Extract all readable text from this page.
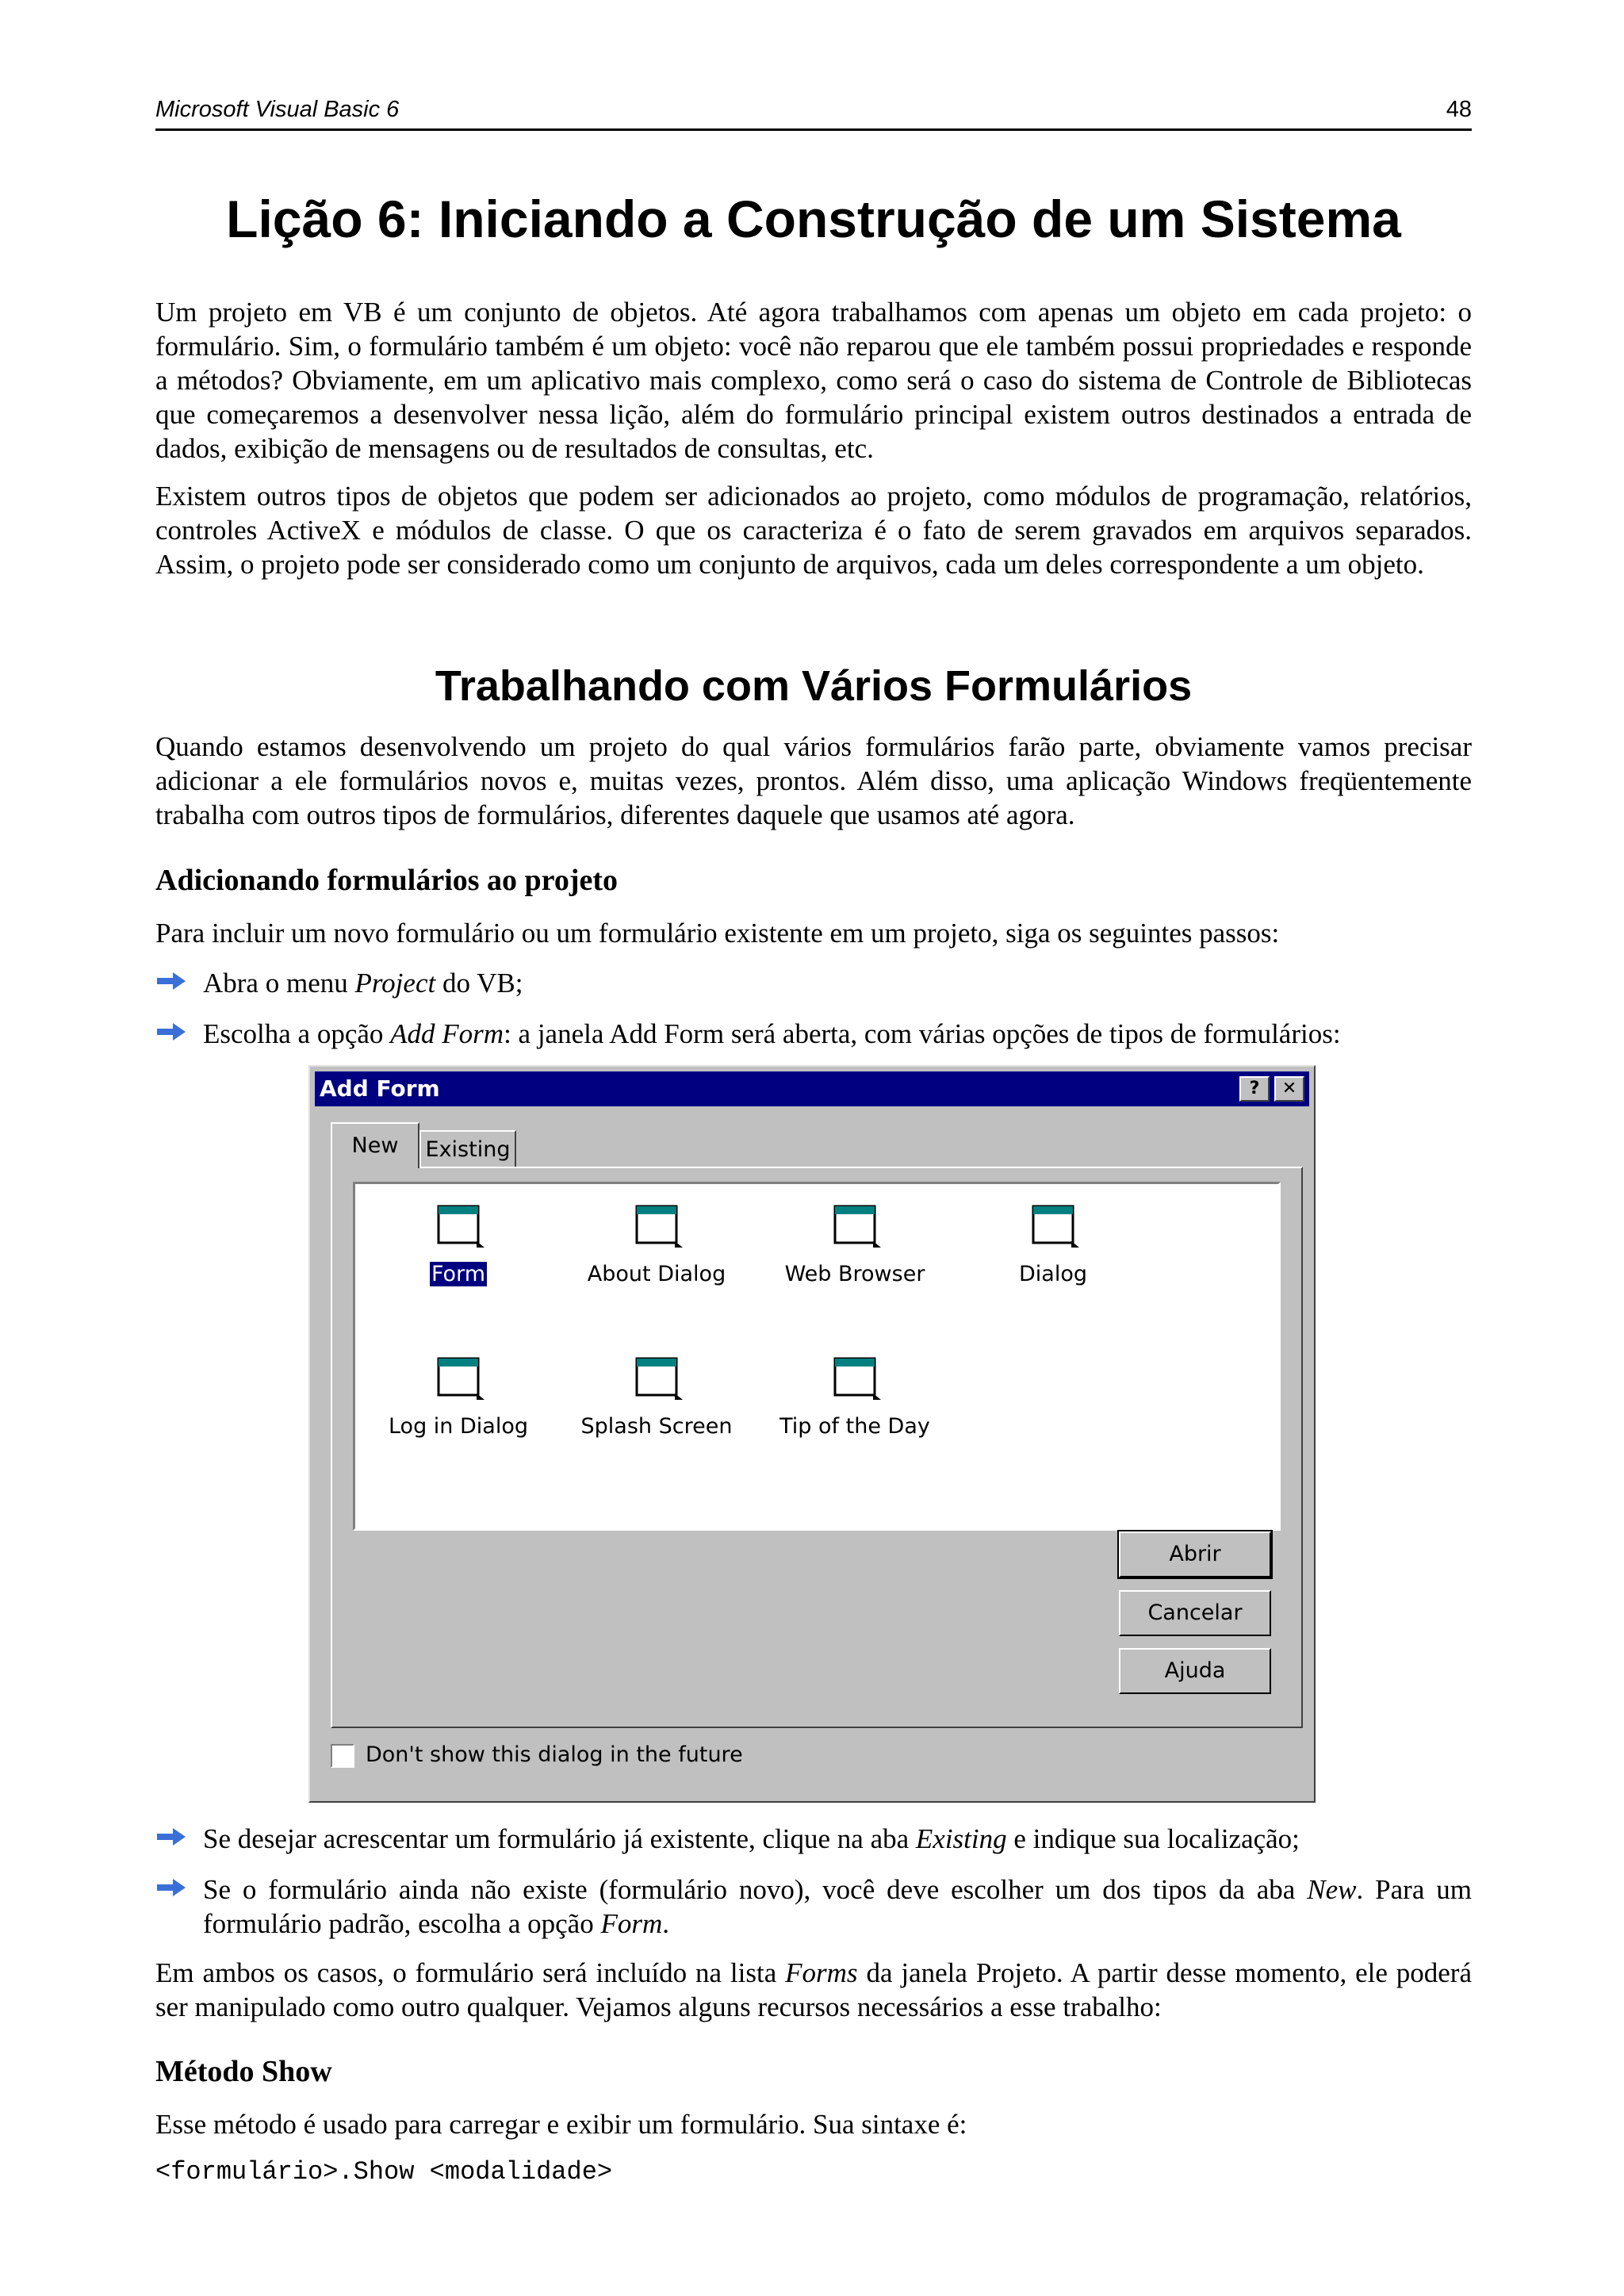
Microsoft Visual Basic 6	48
Lição 6: Iniciando a Construção de um Sistema

Um projeto em VB é um conjunto de objetos. Até agora trabalhamos com apenas um objeto em cada projeto: o formulário. Sim, o formulário também é um objeto: você não reparou que ele também possui propriedades e responde a métodos? Obviamente, em um aplicativo mais complexo, como será o caso do sistema de Controle de Bibliotecas que começaremos a desenvolver nessa lição, além do formulário principal existem outros destinados a entrada de dados, exibição de mensagens ou de resultados de consultas, etc.

Existem outros tipos de objetos que podem ser adicionados ao projeto, como módulos de programação, relatórios, controles ActiveX e módulos de classe. O que os caracteriza é o fato de serem gravados em arquivos separados. Assim, o projeto pode ser considerado como um conjunto de arquivos, cada um deles correspondente a um objeto.

Trabalhando com Vários Formulários

Quando estamos desenvolvendo um projeto do qual vários formulários farão parte, obviamente vamos precisar adicionar a ele formulários novos e, muitas vezes, prontos. Além disso, uma aplicação Windows freqüentemente trabalha com outros tipos de formulários, diferentes daquele que usamos até agora.

Adicionando formulários ao projeto

Para incluir um novo formulário ou um formulário existente em um projeto, siga os seguintes passos:

Abra o menu Project do VB;
Escolha a opção Add Form: a janela Add Form será aberta, com várias opções de tipos de formulários:
Add Form	?	✕
New	Existing
Form	About Dialog	Web Browser	Dialog
Log in Dialog	Splash Screen	Tip of the Day
Abrir
Cancelar
Ajuda
Don't show this dialog in the future
Se desejar acrescentar um formulário já existente, clique na aba Existing e indique sua localização;
Se o formulário ainda não existe (formulário novo), você deve escolher um dos tipos da aba New. Para um formulário padrão, escolha a opção Form.

Em ambos os casos, o formulário será incluído na lista Forms da janela Projeto. A partir desse momento, ele poderá ser manipulado como outro qualquer. Vejamos alguns recursos necessários a esse trabalho:

Método Show

Esse método é usado para carregar e exibir um formulário. Sua sintaxe é:

<formulário>.Show <modalidade>
